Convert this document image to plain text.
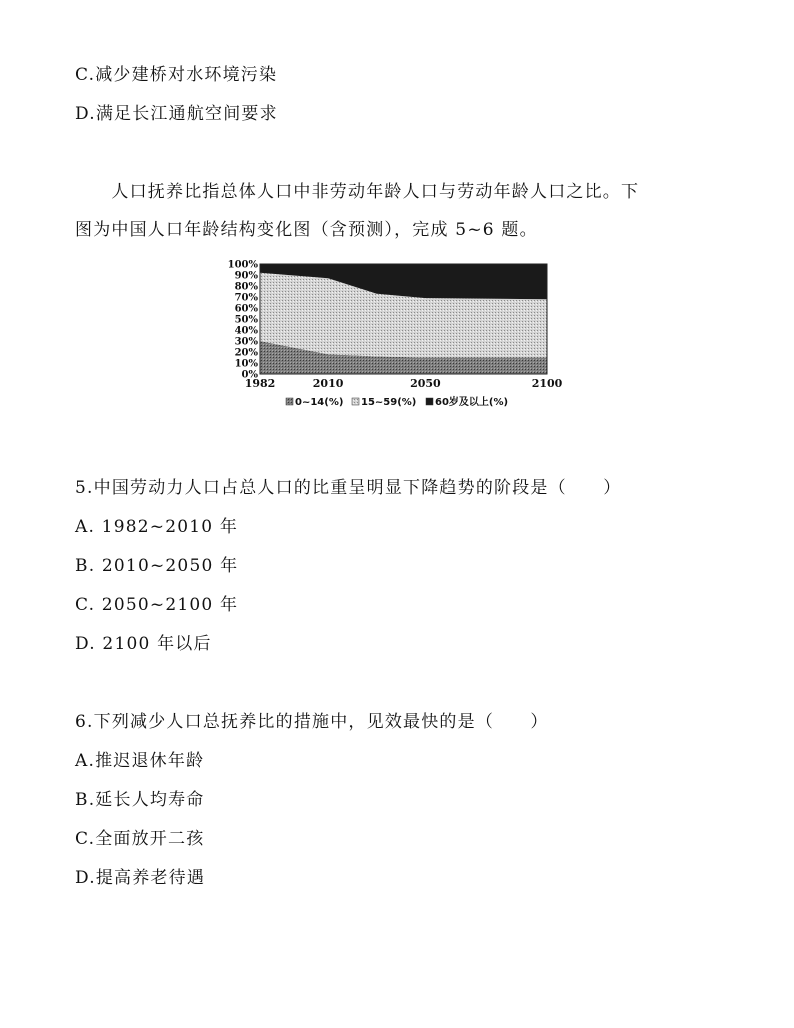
C.减少建桥对水环境污染
D.满足长江通航空间要求
　　人口抚养比指总体人口中非劳动年龄人口与劳动年龄人口之比。下
图为中国人口年龄结构变化图（含预测），完成 5~6 题。
0%
10%
20%
30%
40%
50%
60%
70%
80%
90%
100%
1982	2010	2050	2100
0~14(%) 15~59(%) 60岁及以上(%)
5.中国劳动力人口占总人口的比重呈明显下降趋势的阶段是（　　）
A. 1982~2010 年
B. 2010~2050 年
C. 2050~2100 年
D. 2100 年以后
6.下列减少人口总抚养比的措施中，见效最快的是（　　）
A.推迟退休年龄
B.延长人均寿命
C.全面放开二孩
D.提高养老待遇
